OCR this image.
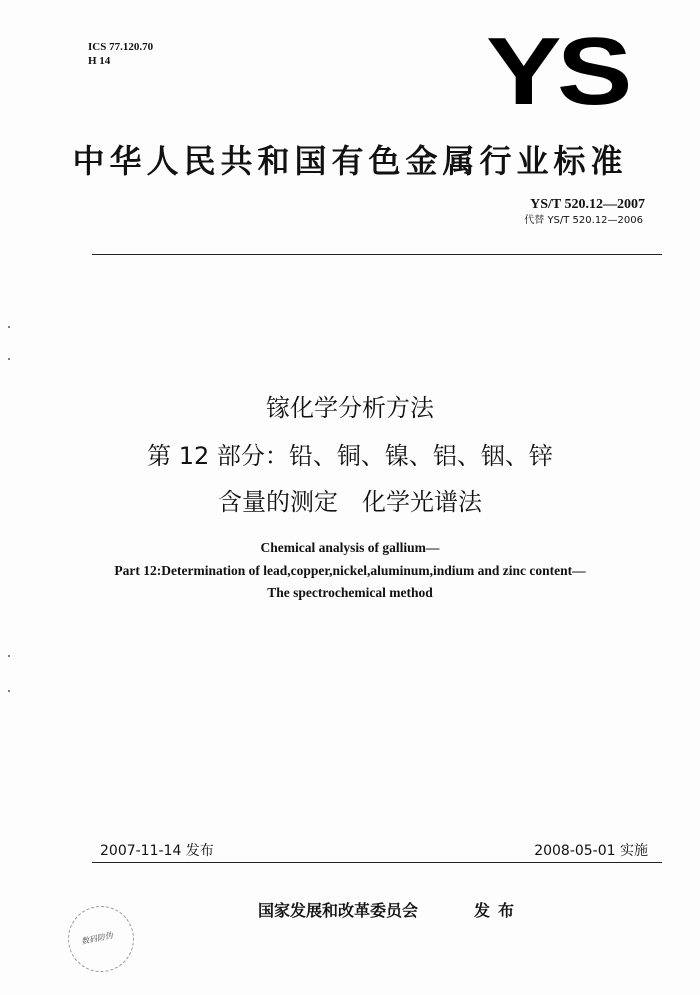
ICS 77.120.70
H 14	YS
中华人民共和国有色金属行业标准
YS/T 520.12—2007
代替 YS/T 520.12—2006
镓化学分析方法
第 12 部分：铅、铜、镍、铝、铟、锌
含量的测定　化学光谱法
Chemical analysis of gallium—
Part 12:Determination of lead,copper,nickel,aluminum,indium and zinc content—
The spectrochemical method
2007-11-14 发布	2008-05-01 实施
国家发展和改革委员会	发布
数码防伪
